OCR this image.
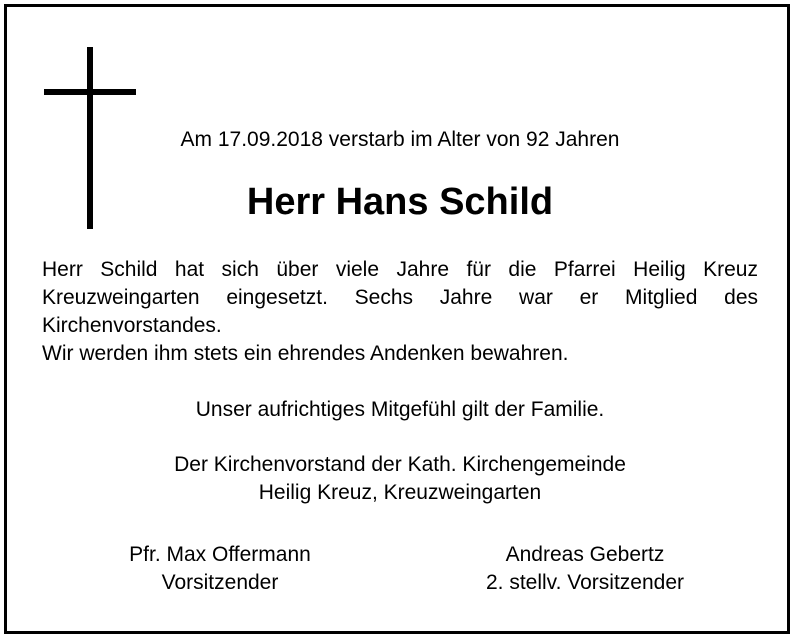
Am 17.09.2018 verstarb im Alter von 92 Jahren
Herr Hans Schild

Herr Schild hat sich über viele Jahre für die Pfarrei Heilig Kreuz Kreuzweingarten eingesetzt. Sechs Jahre war er Mitglied des Kirchenvorstandes.

Wir werden ihm stets ein ehrendes Andenken bewahren.

Unser aufrichtiges Mitgefühl gilt der Familie.
Der Kirchenvorstand der Kath. Kirchengemeinde
Heilig Kreuz, Kreuzweingarten
Pfr. Max Offermann
Vorsitzender
Andreas Gebertz
2. stellv. Vorsitzender
